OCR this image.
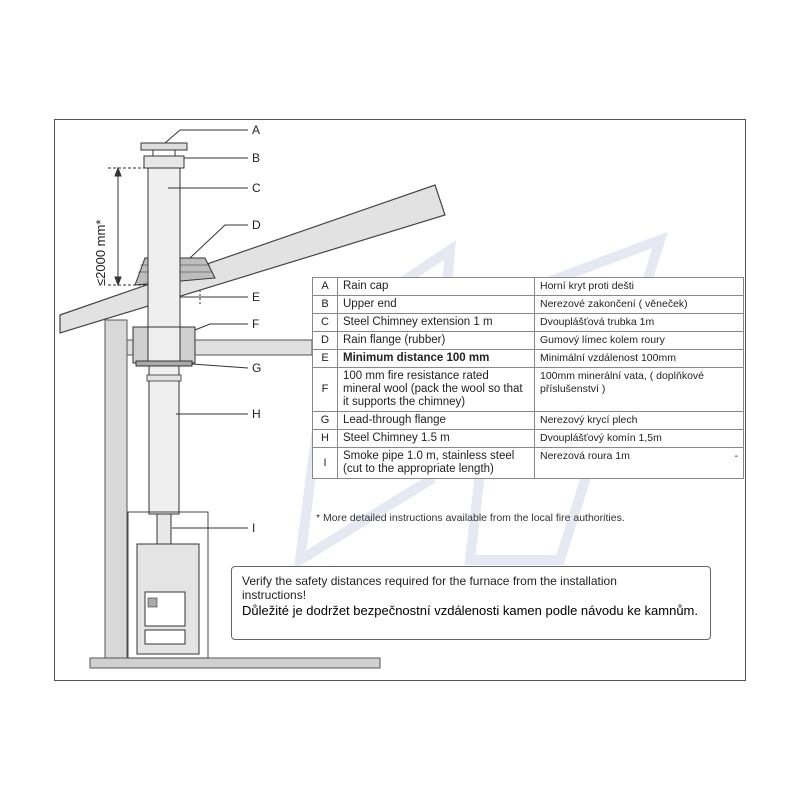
≤2000 mm*
A
B
C
D
E
F
G
H
I
A	Rain cap	Horní kryt proti dešti
B	Upper end	Nerezové zakončení ( věneček)
C	Steel Chimney extension 1 m	Dvouplášťová trubka 1m
D	Rain flange (rubber)	Gumový límec kolem roury
E	Minimum distance 100 mm	Minimální vzdálenost 100mm
F	100 mm fire resistance rated mineral wool (pack the wool so that it supports the chimney)	100mm minerální vata, ( doplňkové příslušenství )
G	Lead-through flange	Nerezový krycí plech
H	Steel Chimney 1.5 m	Dvouplášťový komín 1,5m
I	Smoke pipe 1.0 m, stainless steel (cut to the appropriate length)	Nerezová roura 1m -
* More detailed instructions available from the local fire authorities.
Verify the safety distances required for the furnace from the installation instructions!
Důležité je dodržet bezpečnostní vzdálenosti kamen podle návodu ke kamnům.
